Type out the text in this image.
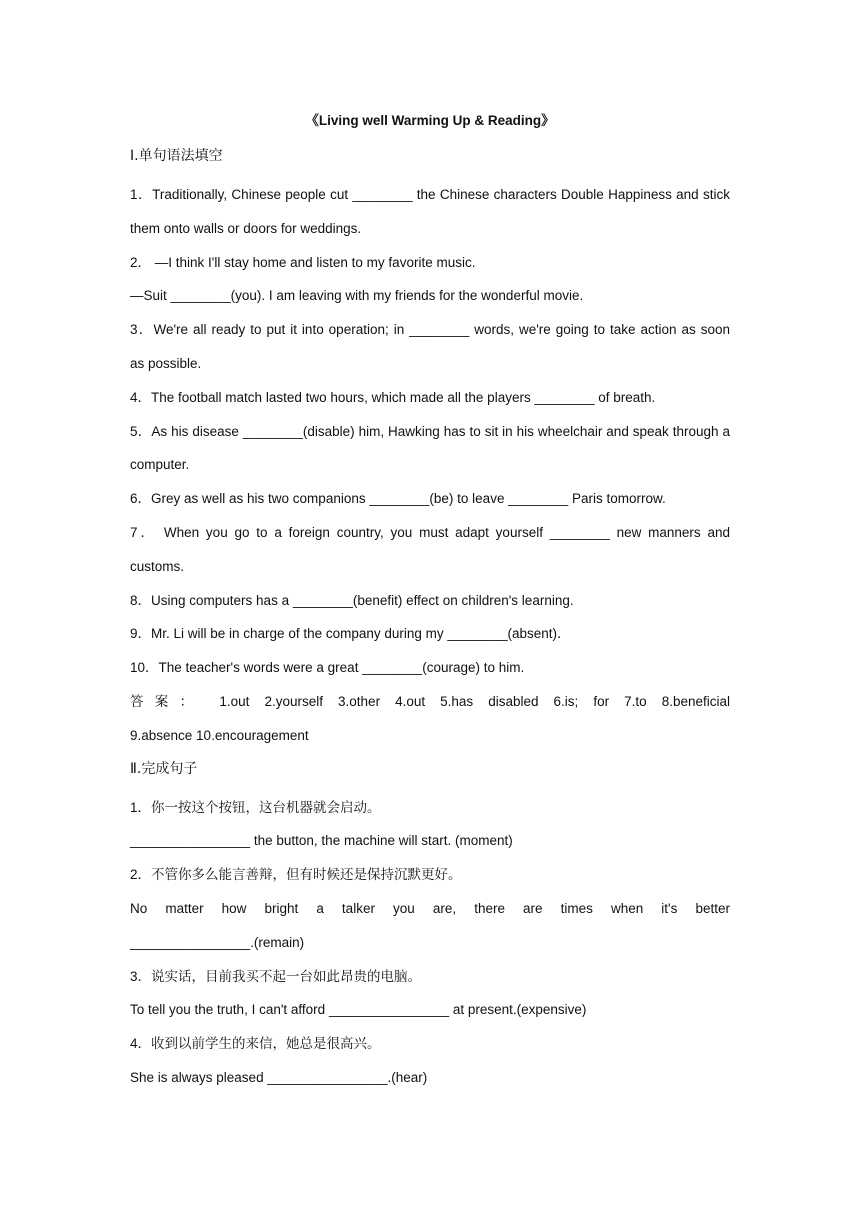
《Living well Warming Up & Reading》
Ⅰ.单句语法填空

1．Traditionally, Chinese people cut ________ the Chinese characters Double Happiness and stick

them onto walls or doors for weddings.

2． —I think I'll stay home and listen to my favorite music.

—Suit ________(you). I am leaving with my friends for the wonderful movie.

3．We're all ready to put it into operation; in ________ words, we're going to take action as soon

as possible.

4．The football match lasted two hours, which made all the players ________ of breath.

5．As his disease ________(disable) him, Hawking has to sit in his wheelchair and speak through a

computer.

6．Grey as well as his two companions ________(be) to leave ________ Paris tomorrow.

7． When you go to a foreign country, you must adapt yourself ________ new manners and

customs.

8．Using computers has a ________(benefit) effect on children's learning.

9．Mr. Li will be in charge of the company during my ________(absent)．

10．The teacher's words were a great ________(courage) to him.

答案： 1.out 2.yourself 3.other 4.out 5.has disabled 6.is; for 7.to 8.beneficial

9.absence 10.encouragement

Ⅱ.完成句子

1．你一按这个按钮，这台机器就会启动。

________________ the button, the machine will start. (moment)

2．不管你多么能言善辩，但有时候还是保持沉默更好。

No matter how bright a talker you are, there are times when it's better

________________.(remain)

3．说实话，目前我买不起一台如此昂贵的电脑。

To tell you the truth, I can't afford ________________ at present.(expensive)

4．收到以前学生的来信，她总是很高兴。

She is always pleased ________________.(hear)
